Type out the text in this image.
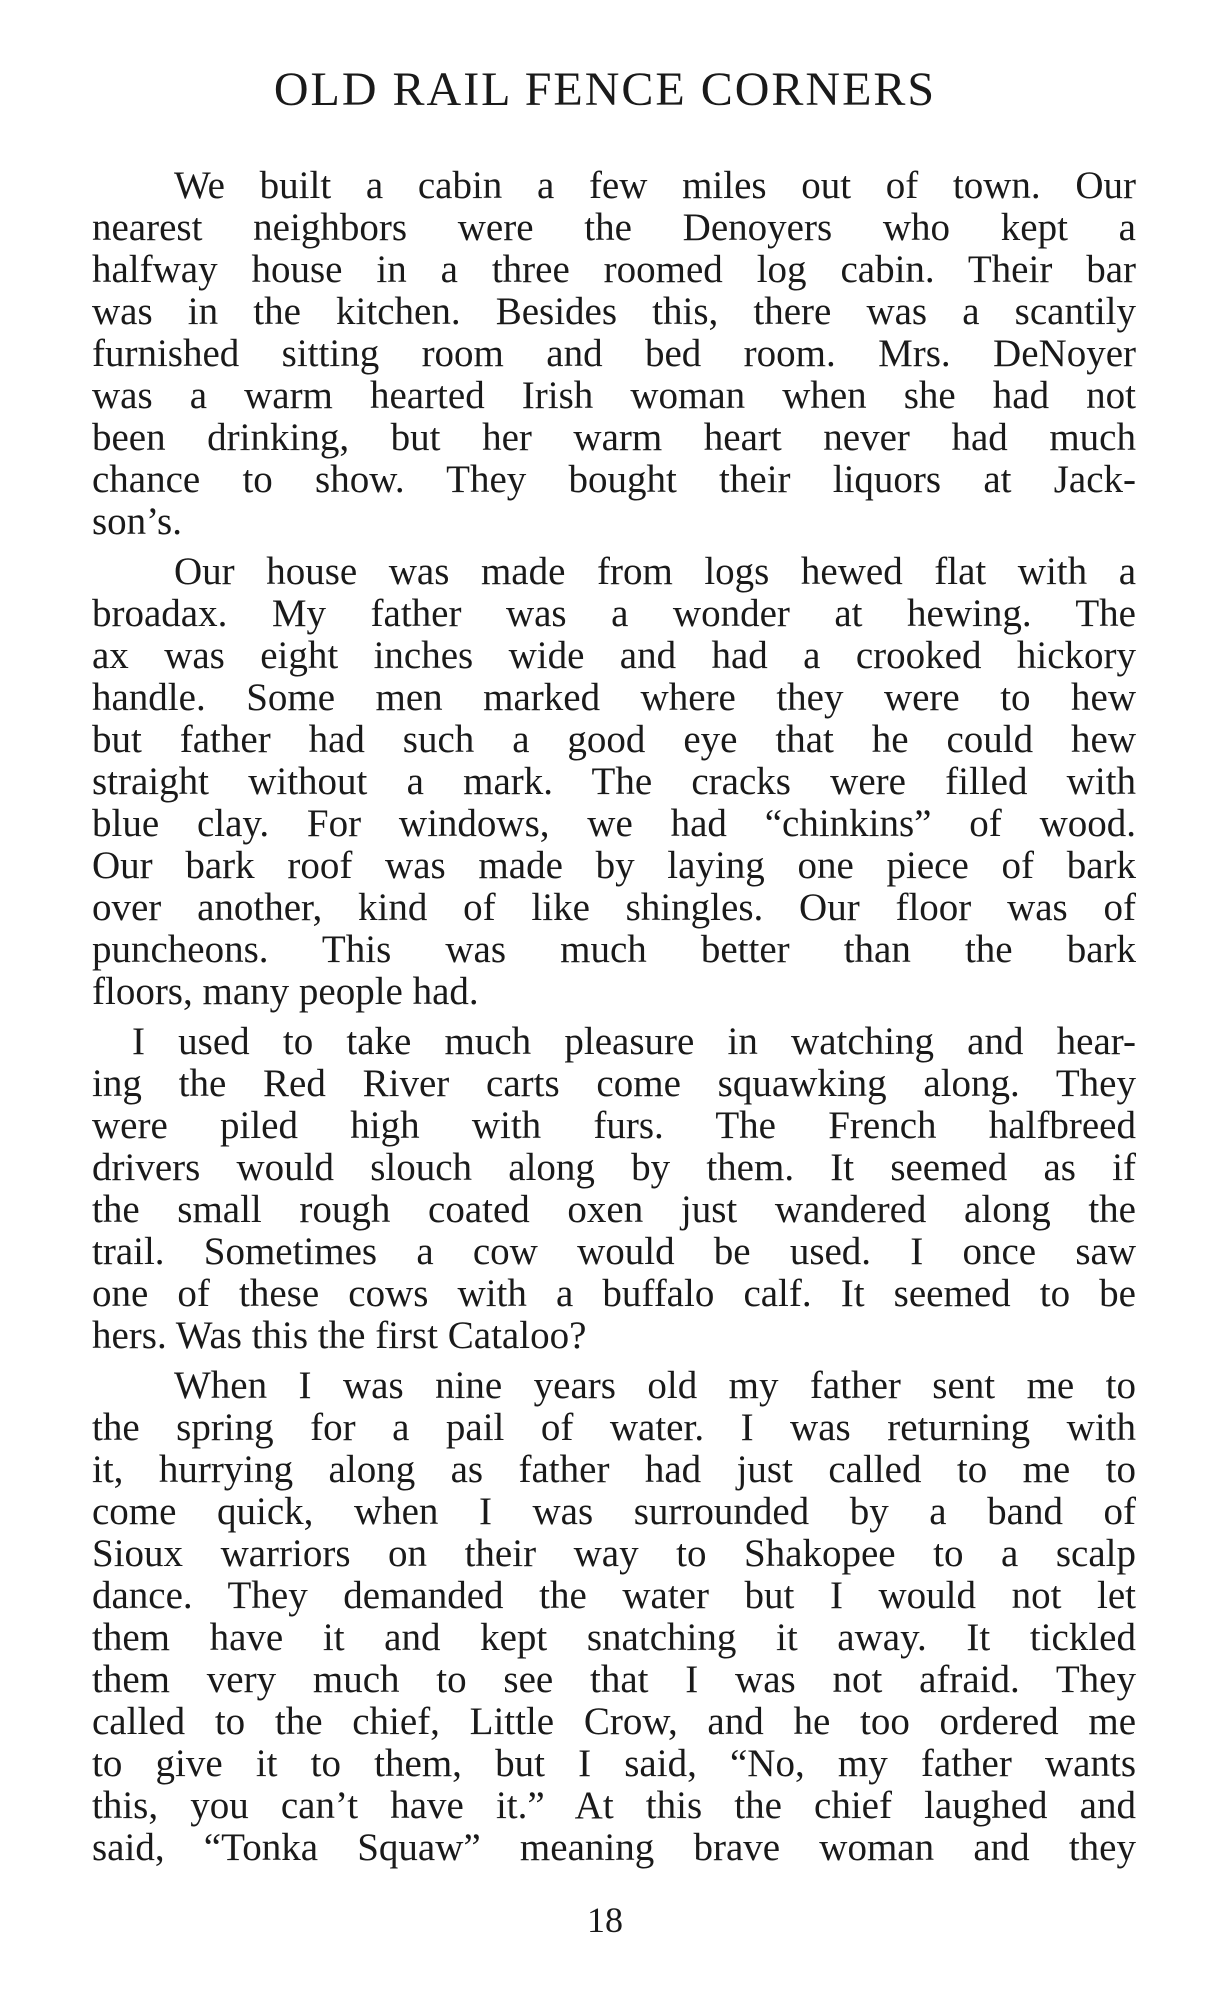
OLD RAIL FENCE CORNERS

We built a cabin a few miles out of town. Our
nearest neighbors were the Denoyers who kept a
halfway house in a three roomed log cabin. Their bar
was in the kitchen. Besides this, there was a scantily
furnished sitting room and bed room. Mrs. DeNoyer
was a warm hearted Irish woman when she had not
been drinking, but her warm heart never had much
chance to show. They bought their liquors at Jack-
son’s.

Our house was made from logs hewed flat with a
broadax. My father was a wonder at hewing. The
ax was eight inches wide and had a crooked hickory
handle. Some men marked where they were to hew
but father had such a good eye that he could hew
straight without a mark. The cracks were filled with
blue clay. For windows, we had “chinkins” of wood.
Our bark roof was made by laying one piece of bark
over another, kind of like shingles. Our floor was of
puncheons. This was much better than the bark
floors, many people had.

I used to take much pleasure in watching and hear-
ing the Red River carts come squawking along. They
were piled high with furs. The French halfbreed
drivers would slouch along by them. It seemed as if
the small rough coated oxen just wandered along the
trail. Sometimes a cow would be used. I once saw
one of these cows with a buffalo calf. It seemed to be
hers. Was this the first Cataloo?

When I was nine years old my father sent me to
the spring for a pail of water. I was returning with
it, hurrying along as father had just called to me to
come quick, when I was surrounded by a band of
Sioux warriors on their way to Shakopee to a scalp
dance. They demanded the water but I would not let
them have it and kept snatching it away. It tickled
them very much to see that I was not afraid. They
called to the chief, Little Crow, and he too ordered me
to give it to them, but I said, “No, my father wants
this, you can’t have it.” At this the chief laughed and
said, “Tonka Squaw” meaning brave woman and they

18
